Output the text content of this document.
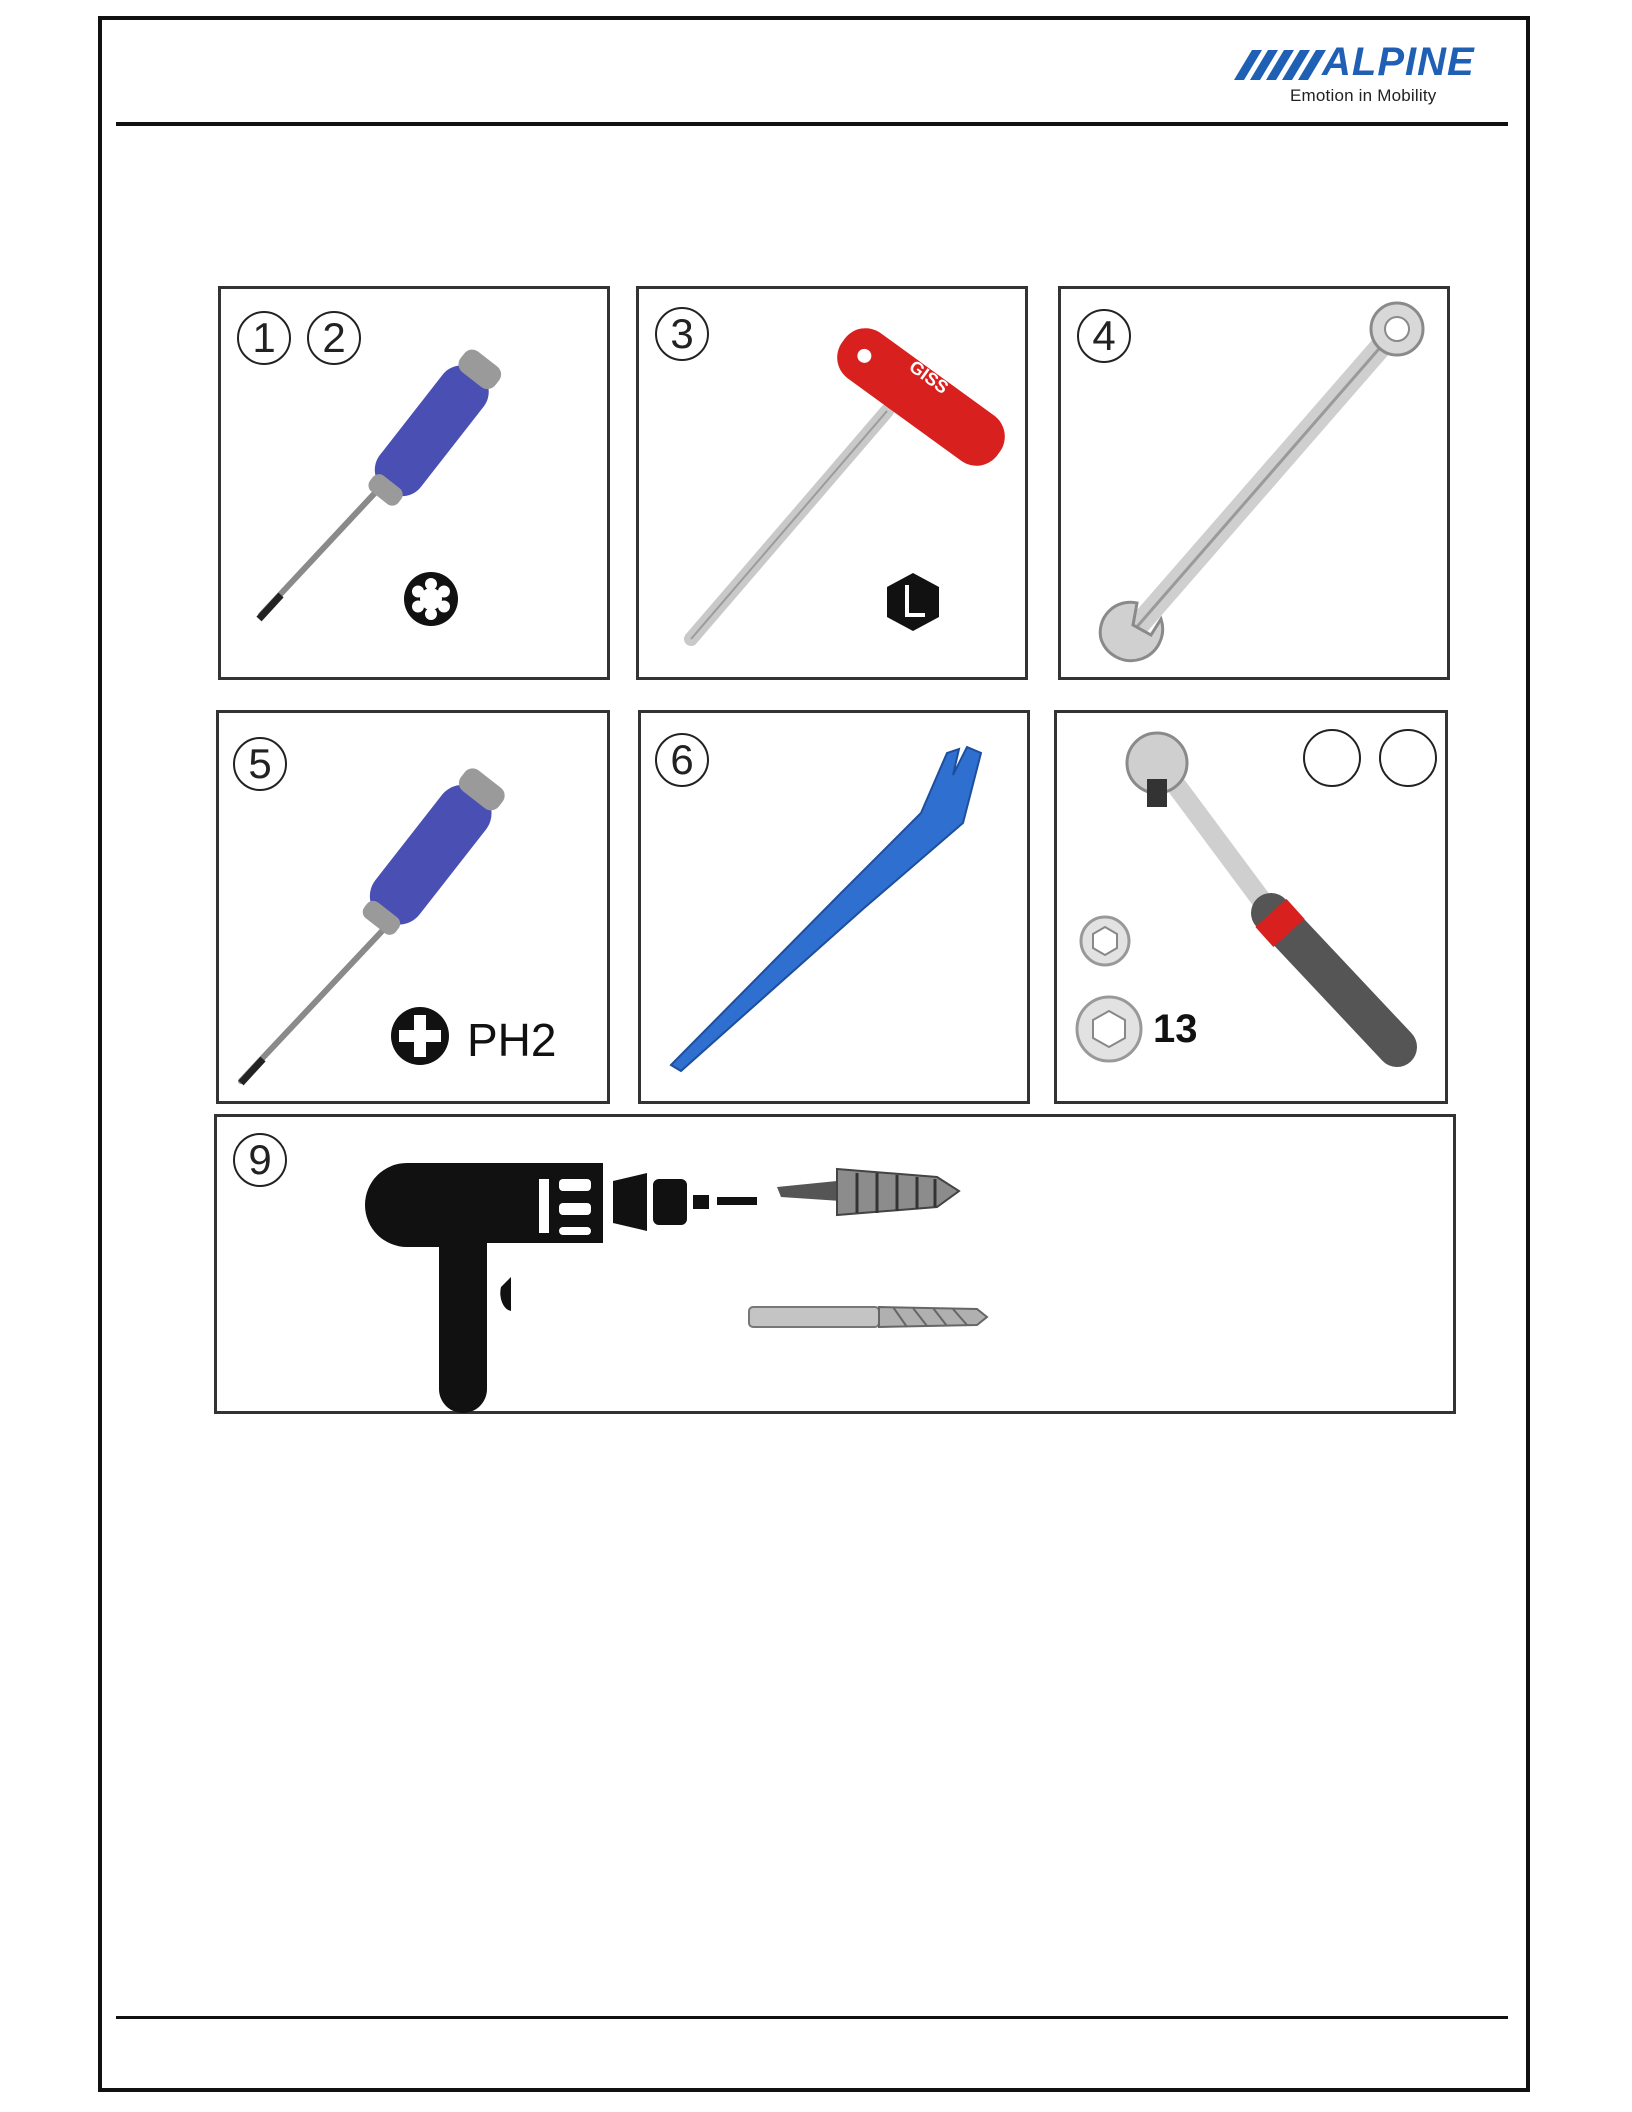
ALPINE
Emotion in Mobility
1	2	3
GISS
4
5
PH2
6
13
9
